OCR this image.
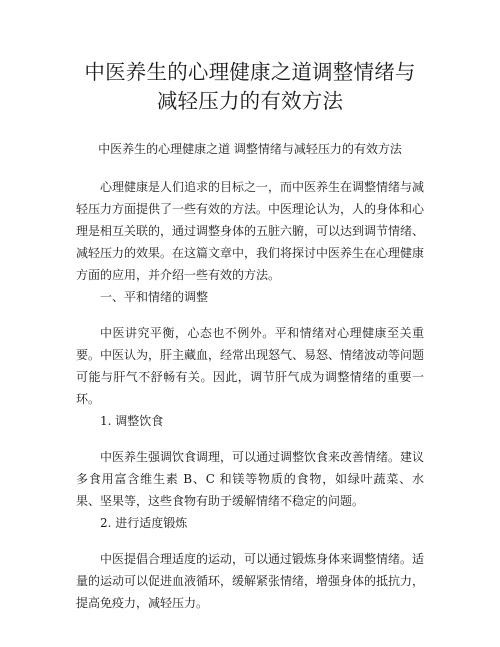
中医养生的心理健康之道调整情绪与减轻压力的有效方法

中医养生的心理健康之道 调整情绪与减轻压力的有效方法

心理健康是人们追求的目标之一，而中医养生在调整情绪与减轻压力方面提供了一些有效的方法。中医理论认为，人的身体和心理是相互关联的，通过调整身体的五脏六腑，可以达到调节情绪、减轻压力的效果。在这篇文章中，我们将探讨中医养生在心理健康方面的应用，并介绍一些有效的方法。

一、平和情绪的调整

中医讲究平衡，心态也不例外。平和情绪对心理健康至关重要。中医认为，肝主藏血，经常出现怒气、易怒、情绪波动等问题可能与肝气不舒畅有关。因此，调节肝气成为调整情绪的重要一环。

1. 调整饮食

中医养生强调饮食调理，可以通过调整饮食来改善情绪。建议多食用富含维生素 B、C 和镁等物质的食物，如绿叶蔬菜、水果、坚果等，这些食物有助于缓解情绪不稳定的问题。

2. 进行适度锻炼

中医提倡合理适度的运动，可以通过锻炼身体来调整情绪。适量的运动可以促进血液循环，缓解紧张情绪，增强身体的抵抗力，提高免疫力，减轻压力。
